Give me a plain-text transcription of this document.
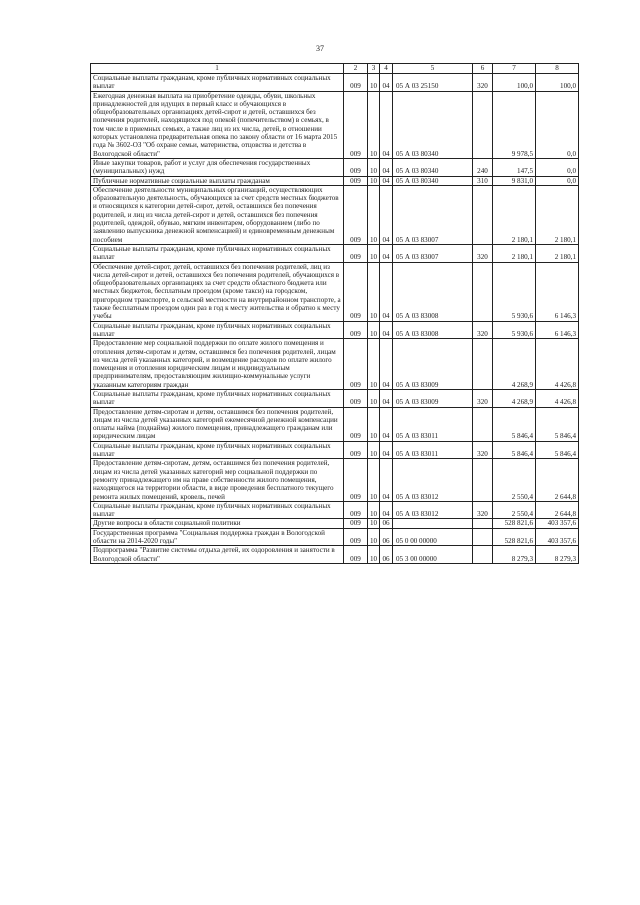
37
1	2	3	4	5	6	7	8
Социальные выплаты гражданам, кроме публичных нормативных социальных выплат	009	10	04	05 А 03 25150	320	100,0	100,0
Ежегодная денежная выплата на приобретение одежды, обуви, школьных принадлежностей для идущих в первый класс и обучающихся в общеобразовательных организациях детей-сирот и детей, оставшихся без попечения родителей, находящихся под опекой (попечительством) в семьях, в том числе в приемных семьях, а также лиц из их числа, детей, в отношении которых установлена предварительная опека по закону области от 16 марта 2015 года № 3602-ОЗ "Об охране семьи, материнства, отцовства и детства в Вологодской области"	009	10	04	05 А 03 80340		9 978,5	0,0
Иные закупки товаров, работ и услуг для обеспечения государственных (муниципальных) нужд	009	10	04	05 А 03 80340	240	147,5	0,0
Публичные нормативные социальные выплаты гражданам	009	10	04	05 А 03 80340	310	9 831,0	0,0
Обеспечение деятельности муниципальных организаций, осуществляющих образовательную деятельность, обучающихся за счет средств местных бюджетов и относящихся к категории детей-сирот, детей, оставшихся без попечения родителей, и лиц из числа детей-сирот и детей, оставшихся без попечения родителей, одеждой, обувью, мягким инвентарем, оборудованием (либо по заявлению выпускника денежной компенсацией) и единовременным денежным пособием	009	10	04	05 А 03 83007		2 180,1	2 180,1
Социальные выплаты гражданам, кроме публичных нормативных социальных выплат	009	10	04	05 А 03 83007	320	2 180,1	2 180,1
Обеспечение детей-сирот, детей, оставшихся без попечения родителей, лиц из числа детей-сирот и детей, оставшихся без попечения родителей, обучающихся в общеобразовательных организациях за счет средств областного бюджета или местных бюджетов, бесплатным проездом (кроме такси) на городском, пригородном транспорте, в сельской местности на внутрирайонном транспорте, а также бесплатным проездом один раз в год к месту жительства и обратно к месту учебы	009	10	04	05 А 03 83008		5 930,6	6 146,3
Социальные выплаты гражданам, кроме публичных нормативных социальных выплат	009	10	04	05 А 03 83008	320	5 930,6	6 146,3
Предоставление мер социальной поддержки по оплате жилого помещения и отопления детям-сиротам и детям, оставшимся без попечения родителей, лицам из числа детей указанных категорий, и возмещение расходов по оплате жилого помещения и отопления юридическим лицам и индивидуальным предпринимателям, предоставляющим жилищно-коммунальные услуги указанным категориям граждан	009	10	04	05 А 03 83009		4 268,9	4 426,8
Социальные выплаты гражданам, кроме публичных нормативных социальных выплат	009	10	04	05 А 03 83009	320	4 268,9	4 426,8
Предоставление детям-сиротам и детям, оставшимся без попечения родителей, лицам из числа детей указанных категорий ежемесячной денежной компенсации оплаты найма (поднайма) жилого помещения, принадлежащего гражданам или юридическим лицам	009	10	04	05 А 03 83011		5 846,4	5 846,4
Социальные выплаты гражданам, кроме публичных нормативных социальных выплат	009	10	04	05 А 03 83011	320	5 846,4	5 846,4
Предоставление детям-сиротам, детям, оставшимся без попечения родителей, лицам из числа детей указанных категорий мер социальной поддержки по ремонту принадлежащего им на праве собственности жилого помещения, находящегося на территории области, в виде проведения бесплатного текущего ремонта жилых помещений, кровель, печей	009	10	04	05 А 03 83012		2 550,4	2 644,8
Социальные выплаты гражданам, кроме публичных нормативных социальных выплат	009	10	04	05 А 03 83012	320	2 550,4	2 644,8
Другие вопросы в области социальной политики	009	10	06			528 821,6	403 357,6
Государственная программа "Социальная поддержка граждан в Вологодской области на 2014-2020 годы"	009	10	06	05 0 00 00000		528 821,6	403 357,6
Подпрограмма "Развитие системы отдыха детей, их оздоровления и занятости в Вологодской области"	009	10	06	05 3 00 00000		8 279,3	8 279,3
